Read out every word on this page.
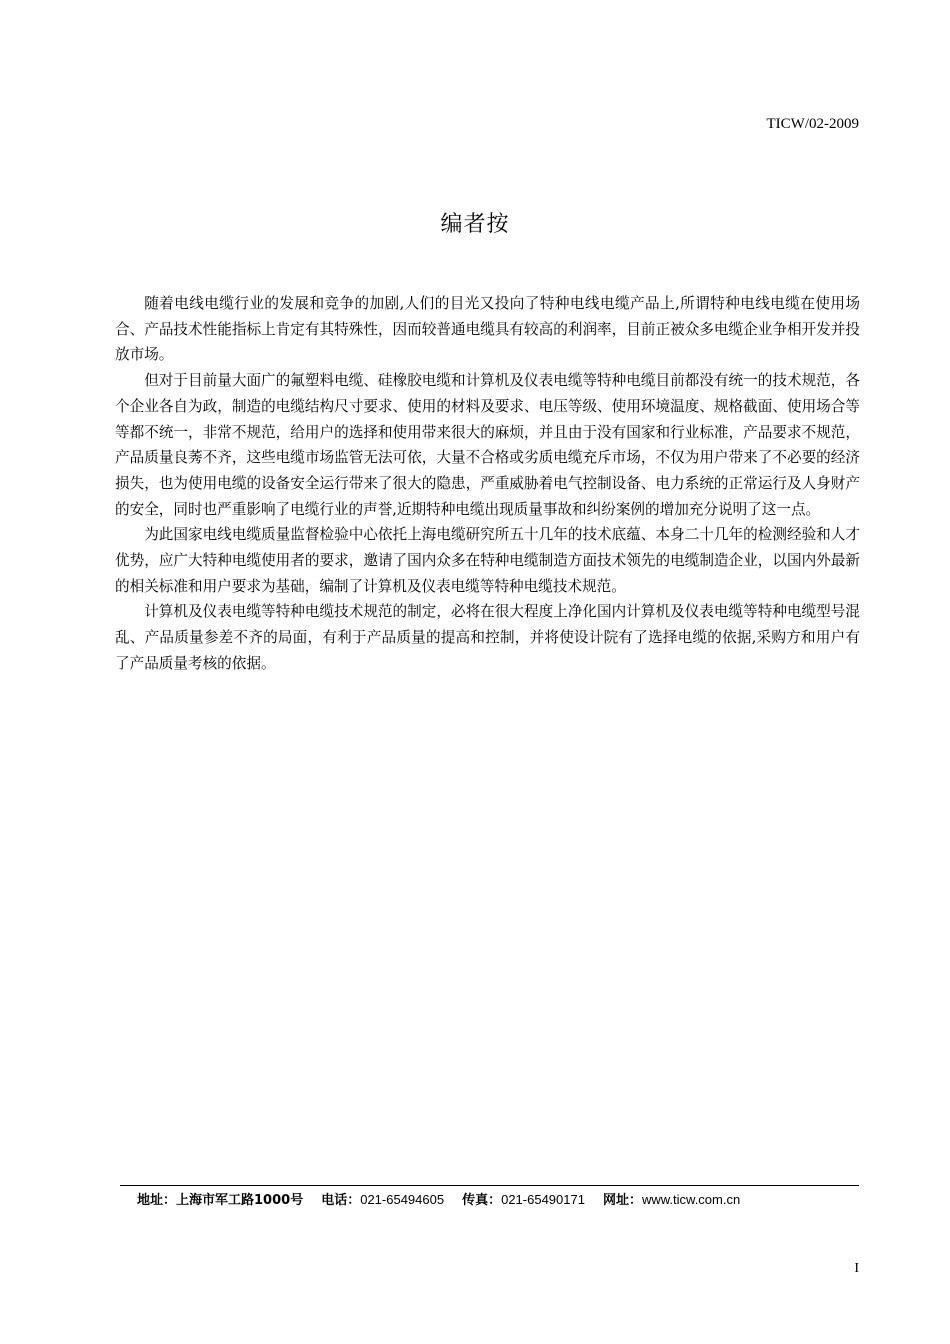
TICW/02-2009
编者按

随着电线电缆行业的发展和竞争的加剧,人们的目光又投向了特种电线电缆产品上,所谓特种电线电缆在使用场合、产品技术性能指标上肯定有其特殊性，因而较普通电缆具有较高的利润率，目前正被众多电缆企业争相开发并投放市场。

但对于目前量大面广的氟塑料电缆、硅橡胶电缆和计算机及仪表电缆等特种电缆目前都没有统一的技术规范，各个企业各自为政，制造的电缆结构尺寸要求、使用的材料及要求、电压等级、使用环境温度、规格截面、使用场合等等都不统一，非常不规范，给用户的选择和使用带来很大的麻烦，并且由于没有国家和行业标准，产品要求不规范，产品质量良莠不齐，这些电缆市场监管无法可依，大量不合格或劣质电缆充斥市场，不仅为用户带来了不必要的经济损失，也为使用电缆的设备安全运行带来了很大的隐患，严重威胁着电气控制设备、电力系统的正常运行及人身财产的安全，同时也严重影响了电缆行业的声誉,近期特种电缆出现质量事故和纠纷案例的增加充分说明了这一点。

为此国家电线电缆质量监督检验中心依托上海电缆研究所五十几年的技术底蕴、本身二十几年的检测经验和人才优势，应广大特种电缆使用者的要求，邀请了国内众多在特种电缆制造方面技术领先的电缆制造企业，以国内外最新的相关标准和用户要求为基础，编制了计算机及仪表电缆等特种电缆技术规范。

计算机及仪表电缆等特种电缆技术规范的制定，必将在很大程度上净化国内计算机及仪表电缆等特种电缆型号混乱、产品质量参差不齐的局面，有利于产品质量的提高和控制，并将使设计院有了选择电缆的依据,采购方和用户有了产品质量考核的依据。

地址：上海市军工路1000号 电话：021-65494605 传真：021-65490171 网址：www.ticw.com.cn
I
